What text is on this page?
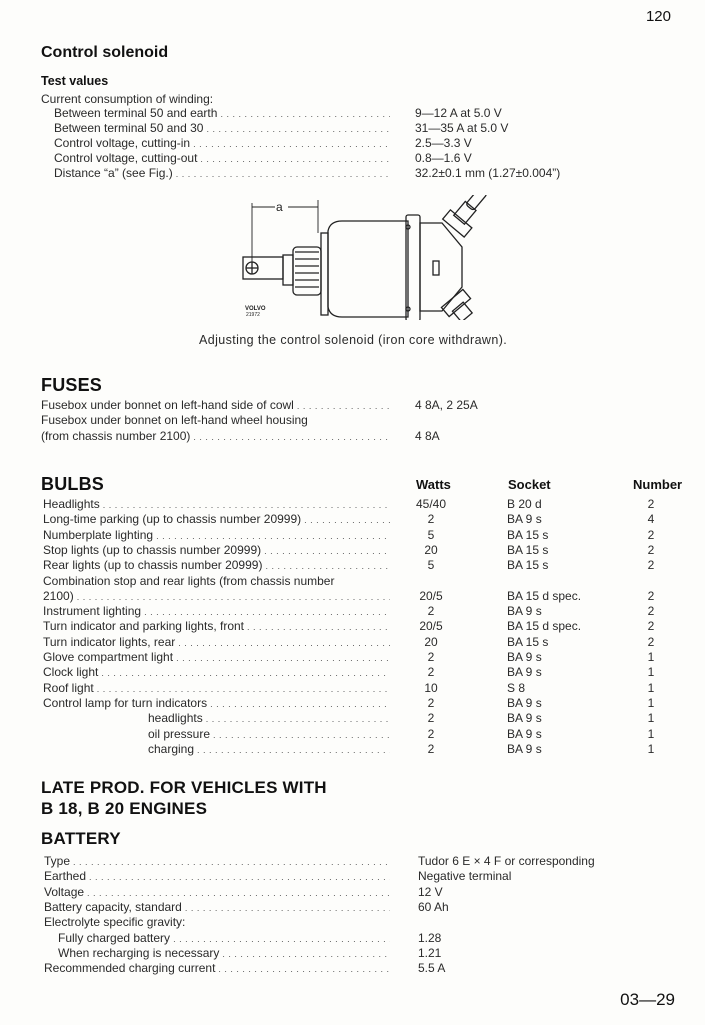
120
Control solenoid
Test values
Current consumption of winding:
Between terminal 50 and earth . . .	9—12 A at 5.0 V
Between terminal 50 and 30 . . .	31—35 A at 5.0 V
Control voltage, cutting-in . . .	2.5—3.3 V
Control voltage, cutting-out . . .	0.8—1.6 V
Distance “a” (see Fig.) . . .	32.2±0.1 mm (1.27±0.004”)
a
VOLVO
21972
Adjusting the control solenoid (iron core withdrawn).
FUSES
Fusebox under bonnet on left-hand side of cowl . . .	4 8A, 2 25A
Fusebox under bonnet on left-hand wheel housing
(from chassis number 2100) . . .	4 8A
BULBS	Watts	Socket	Number
Headlights . . .	45/40	B 20 d	2
Long-time parking (up to chassis number 20999) . . .	2	BA 9 s	4
Numberplate lighting . . .	5	BA 15 s	2
Stop lights (up to chassis number 20999) . . .	20	BA 15 s	2
Rear lights (up to chassis number 20999) . . .	5	BA 15 s	2
Combination stop and rear lights (from chassis number
2100) . . .	20/5	BA 15 d spec.	2
Instrument lighting . . .	2	BA 9 s	2
Turn indicator and parking lights, front . . .	20/5	BA 15 d spec.	2
Turn indicator lights, rear . . .	20	BA 15 s	2
Glove compartment light . . .	2	BA 9 s	1
Clock light . . .	2	BA 9 s	1
Roof light . . .	10	S 8	1
Control lamp for turn indicators . . .	2	BA 9 s	1
headlights . . .	2	BA 9 s	1
oil pressure . . .	2	BA 9 s	1
charging . . .	2	BA 9 s	1
LATE PROD. FOR VEHICLES WITH
B 18, B 20 ENGINES
BATTERY
Type . . .	Tudor 6 E × 4 F or corresponding
Earthed . . .	Negative terminal
Voltage . . .	12 V
Battery capacity, standard . . .	60 Ah
Electrolyte specific gravity:
Fully charged battery . . .	1.28
When recharging is necessary . . .	1.21
Recommended charging current . . .	5.5 A
03—29
